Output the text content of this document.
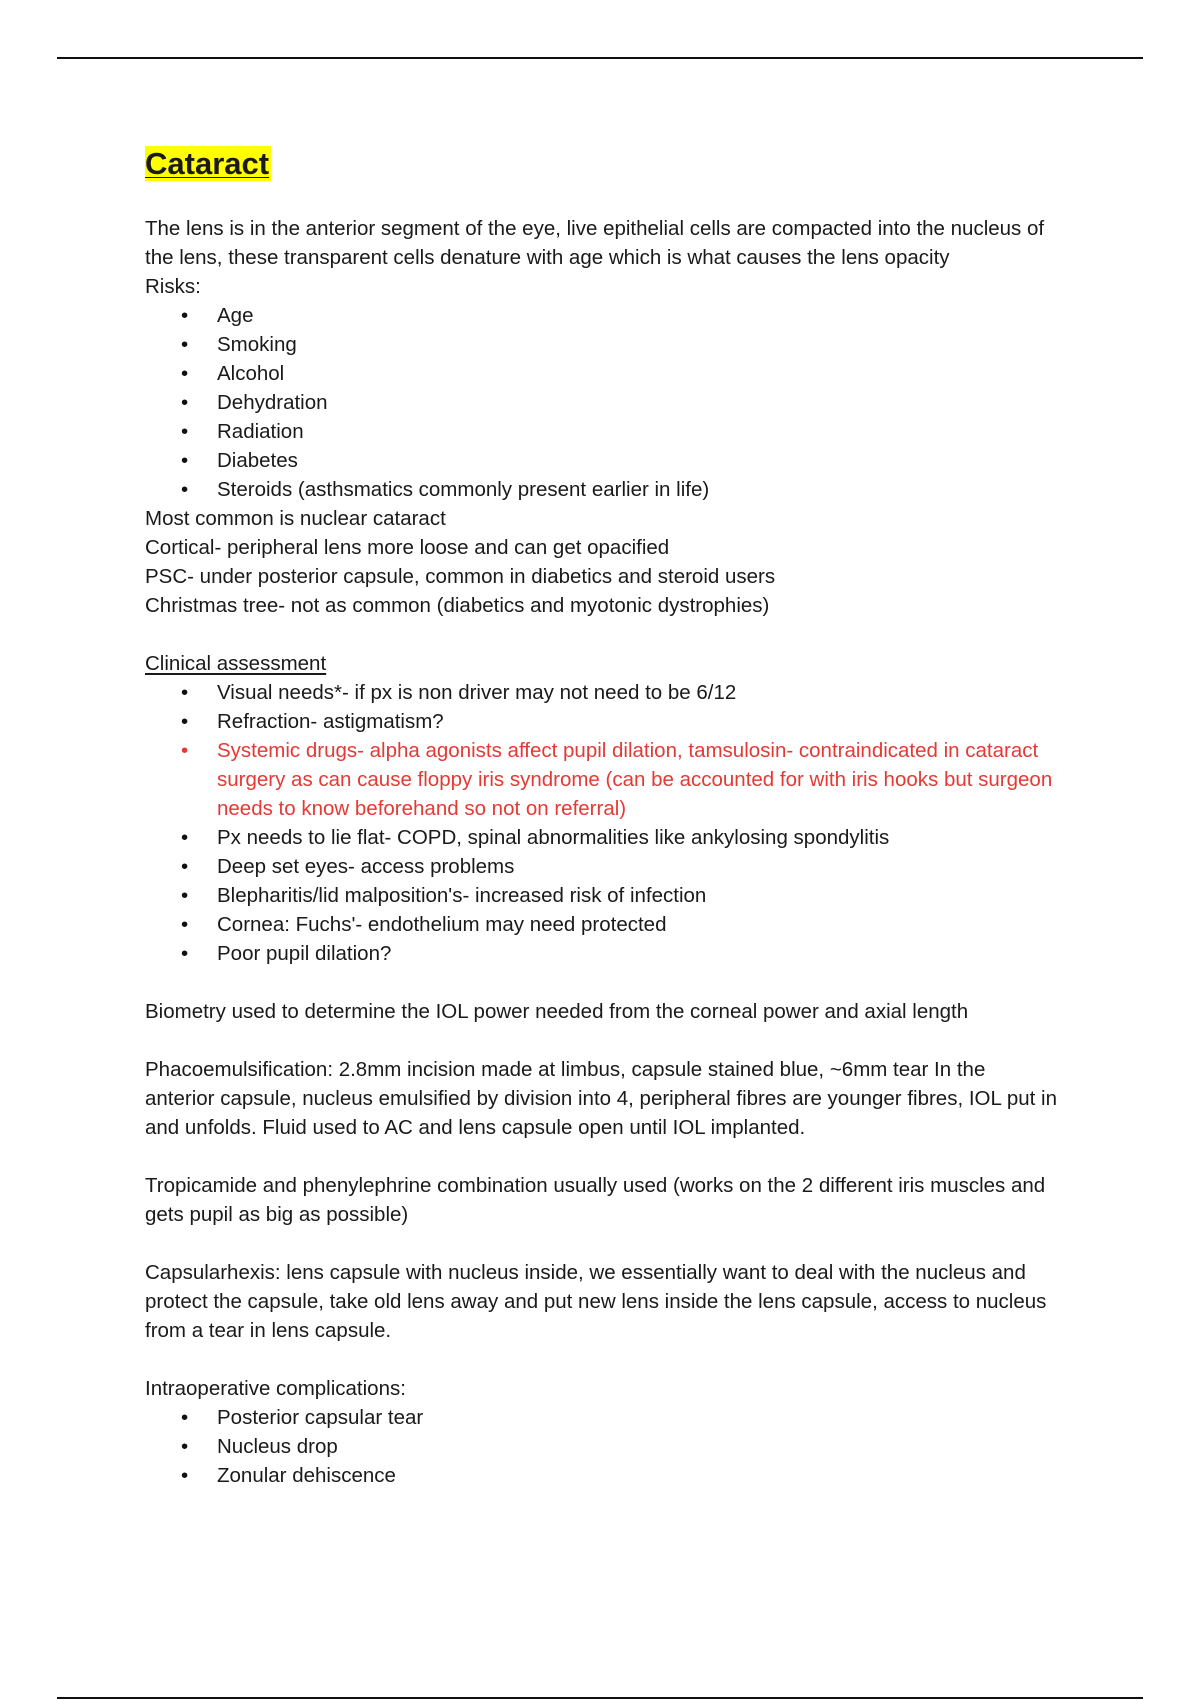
Cataract

The lens is in the anterior segment of the eye, live epithelial cells are compacted into the nucleus of the lens, these transparent cells denature with age which is what causes the lens opacity

Risks:

• Age
• Smoking
• Alcohol
• Dehydration
• Radiation
• Diabetes
• Steroids (asthsmatics commonly present earlier in life)

Most common is nuclear cataract

Cortical- peripheral lens more loose and can get opacified

PSC- under posterior capsule, common in diabetics and steroid users

Christmas tree- not as common (diabetics and myotonic dystrophies)

Clinical assessment

• Visual needs*- if px is non driver may not need to be 6/12
• Refraction- astigmatism?
• Systemic drugs- alpha agonists affect pupil dilation, tamsulosin- contraindicated in cataract surgery as can cause floppy iris syndrome (can be accounted for with iris hooks but surgeon needs to know beforehand so not on referral)
• Px needs to lie flat- COPD, spinal abnormalities like ankylosing spondylitis
• Deep set eyes- access problems
• Blepharitis/lid malposition's- increased risk of infection
• Cornea: Fuchs'- endothelium may need protected
• Poor pupil dilation?

Biometry used to determine the IOL power needed from the corneal power and axial length

Phacoemulsification: 2.8mm incision made at limbus, capsule stained blue, ~6mm tear In the anterior capsule, nucleus emulsified by division into 4, peripheral fibres are younger fibres, IOL put in and unfolds. Fluid used to AC and lens capsule open until IOL implanted.

Tropicamide and phenylephrine combination usually used (works on the 2 different iris muscles and gets pupil as big as possible)

Capsularhexis: lens capsule with nucleus inside, we essentially want to deal with the nucleus and protect the capsule, take old lens away and put new lens inside the lens capsule, access to nucleus from a tear in lens capsule.

Intraoperative complications:

• Posterior capsular tear
• Nucleus drop
• Zonular dehiscence
